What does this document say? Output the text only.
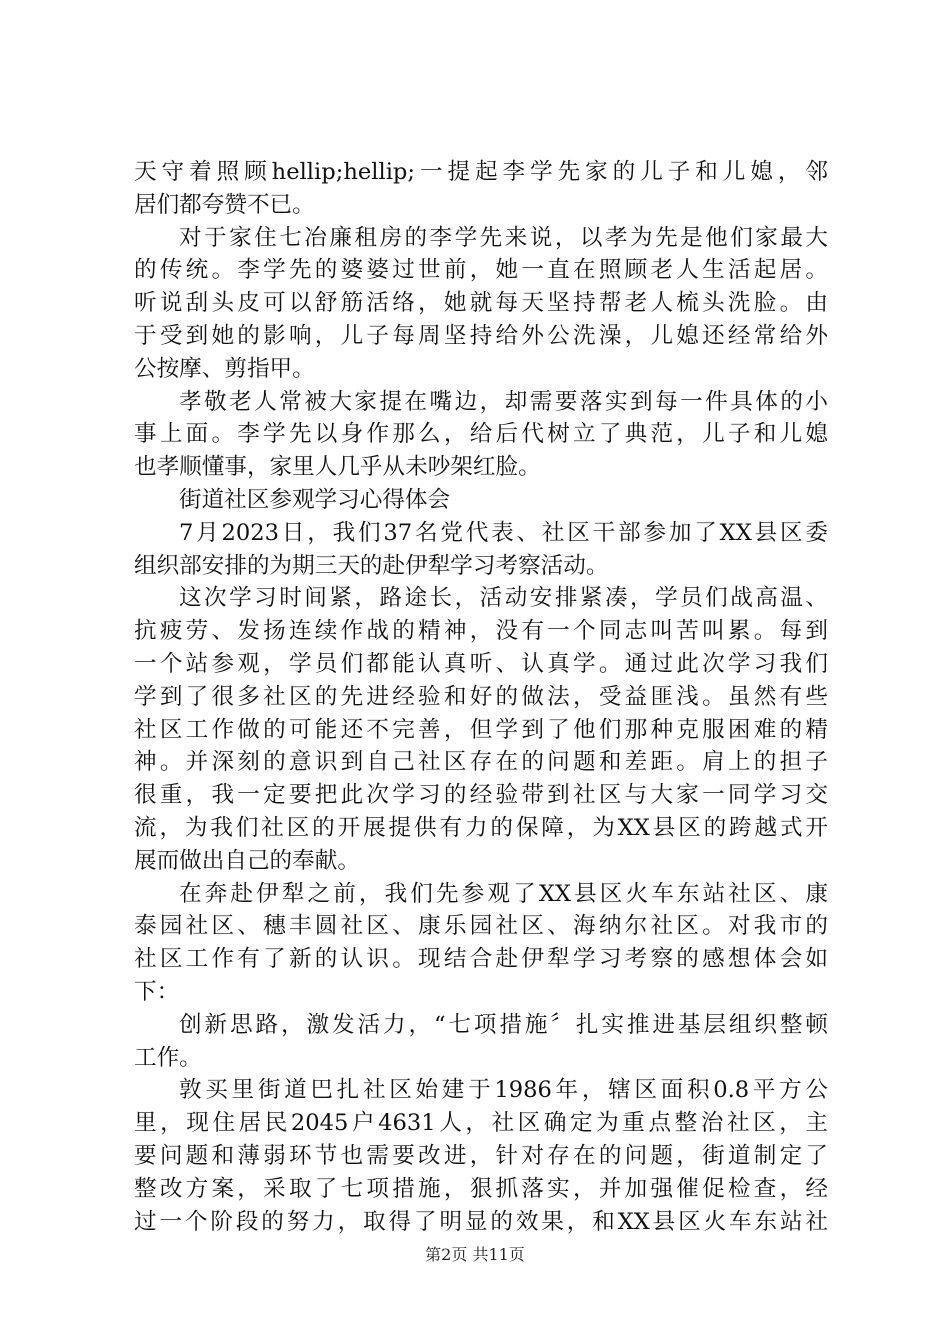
天守着照顾hellip;hellip;一提起李学先家的儿子和儿媳，邻
居们都夸赞不已。
对于家住七冶廉租房的李学先来说，以孝为先是他们家最大
的传统。李学先的婆婆过世前，她一直在照顾老人生活起居。
听说刮头皮可以舒筋活络，她就每天坚持帮老人梳头洗脸。由
于受到她的影响，儿子每周坚持给外公洗澡，儿媳还经常给外
公按摩、剪指甲。
孝敬老人常被大家提在嘴边，却需要落实到每一件具体的小
事上面。李学先以身作那么，给后代树立了典范，儿子和儿媳
也孝顺懂事，家里人几乎从未吵架红脸。
街道社区参观学习心得体会
7月2023日，我们37名党代表、社区干部参加了XX县区委
组织部安排的为期三天的赴伊犁学习考察活动。
这次学习时间紧，路途长，活动安排紧凑，学员们战高温、
抗疲劳、发扬连续作战的精神，没有一个同志叫苦叫累。每到
一个站参观，学员们都能认真听、认真学。通过此次学习我们
学到了很多社区的先进经验和好的做法，受益匪浅。虽然有些
社区工作做的可能还不完善，但学到了他们那种克服困难的精
神。并深刻的意识到自己社区存在的问题和差距。肩上的担子
很重，我一定要把此次学习的经验带到社区与大家一同学习交
流，为我们社区的开展提供有力的保障，为XX县区的跨越式开
展而做出自己的奉献。
在奔赴伊犁之前，我们先参观了XX县区火车东站社区、康
泰园社区、穗丰圆社区、康乐园社区、海纳尔社区。对我市的
社区工作有了新的认识。现结合赴伊犁学习考察的感想体会如
下：
创新思路，激发活力，“七项措施〞扎实推进基层组织整顿
工作。
敦买里街道巴扎社区始建于1986年，辖区面积0.8平方公
里，现住居民2045户4631人，社区确定为重点整治社区，主
要问题和薄弱环节也需要改进，针对存在的问题，街道制定了
整改方案，采取了七项措施，狠抓落实，并加强催促检查，经
过一个阶段的努力，取得了明显的效果，和XX县区火车东站社
第2页 共11页
